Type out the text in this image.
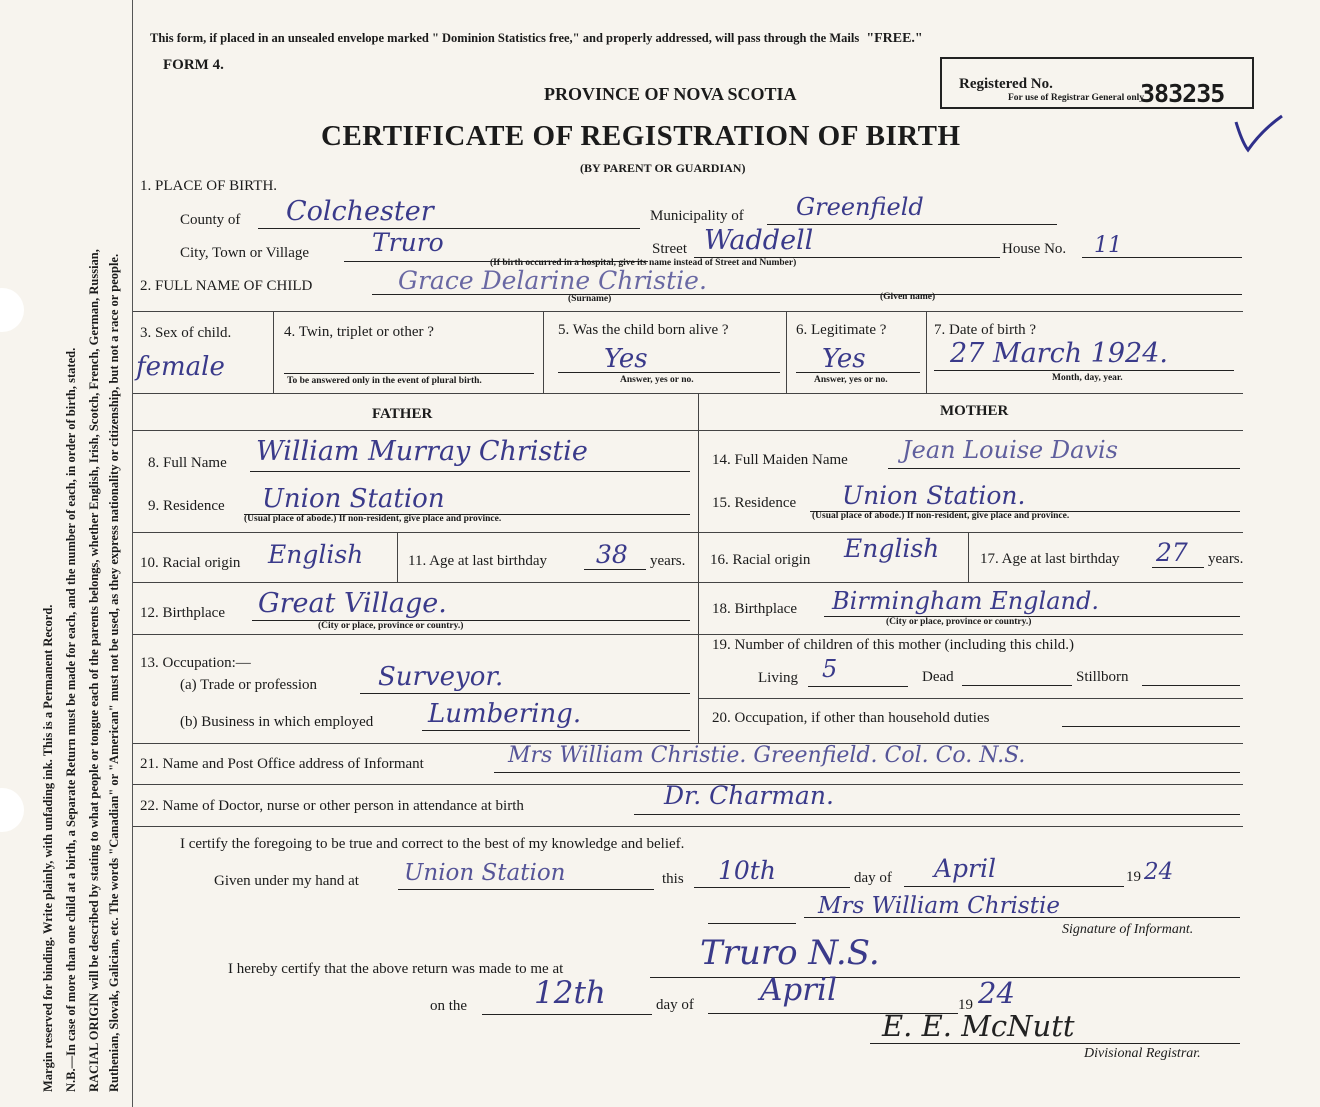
Margin reserved for binding. Write plainly, with unfading ink. This is a Permanent Record. N.B.—In case of more than one child at a birth, a Separate Return must be made for each, and the number of each, in order of birth, stated. RACIAL ORIGIN will be described by stating to what people or tongue each of the parents belongs, whether English, Irish, Scotch, French, German, Russian, Ruthenian, Slovak, Galician, etc. The words "Canadian" or "American" must not be used, as they express nationality or citizenship, but not a race or people.
This form, if placed in an unsealed envelope marked " Dominion Statistics free," and properly addressed, will pass through the Mails "FREE."
FORM 4.
PROVINCE OF NOVA SCOTIA
CERTIFICATE OF REGISTRATION OF BIRTH
(BY PARENT OR GUARDIAN)
Registered No.
For use of Registrar General only
383235
1. PLACE OF BIRTH.
County of Colchester	Municipality of Greenfield
City, Town or Village	Truro	Street Waddell	House No. 11
(If birth occurred in a hospital, give its name instead of Street and Number)
2. FULL NAME OF CHILD	Grace Delarine Christie.
(Surname)	(Given name)
3. Sex of child.
female
4. Twin, triplet or other ?
To be answered only in the event of plural birth.
5. Was the child born alive ?
Yes
Answer, yes or no.
6. Legitimate ?
Yes
Answer, yes or no.
7. Date of birth ?
27 March 1924.
Month, day, year.
FATHER	MOTHER
8. Full Name William Murray Christie	14. Full Maiden Name Jean Louise Davis
9. Residence Union Station
(Usual place of abode.) If non-resident, give place and province.
15. Residence Union Station.
(Usual place of abode.) If non-resident, give place and province.
10. Racial origin English	11. Age at last birthday 38 years. 16. Racial origin English	17. Age at last birthday 27 years.
12. Birthplace Great Village.
(City or place, province or country.)
18. Birthplace Birmingham England.
(City or place, province or country.)
13. Occupation:—
(a) Trade or profession Surveyor.
(b) Business in which employed Lumbering.
19. Number of children of this mother (including this child.)
Living 5	Dead	Stillborn
20. Occupation, if other than household duties
21. Name and Post Office address of Informant	Mrs William Christie. Greenfield. Col. Co. N.S.
22. Name of Doctor, nurse or other person in attendance at birth	Dr. Charman.
I certify the foregoing to be true and correct to the best of my knowledge and belief.
Given under my hand at Union Station	this 10th	day of April	19 24
Mrs William Christie
Signature of Informant.
I hereby certify that the above return was made to me at	Truro N.S.
on the 12th	day of April	19 24
E. E. McNutt
Divisional Registrar.
